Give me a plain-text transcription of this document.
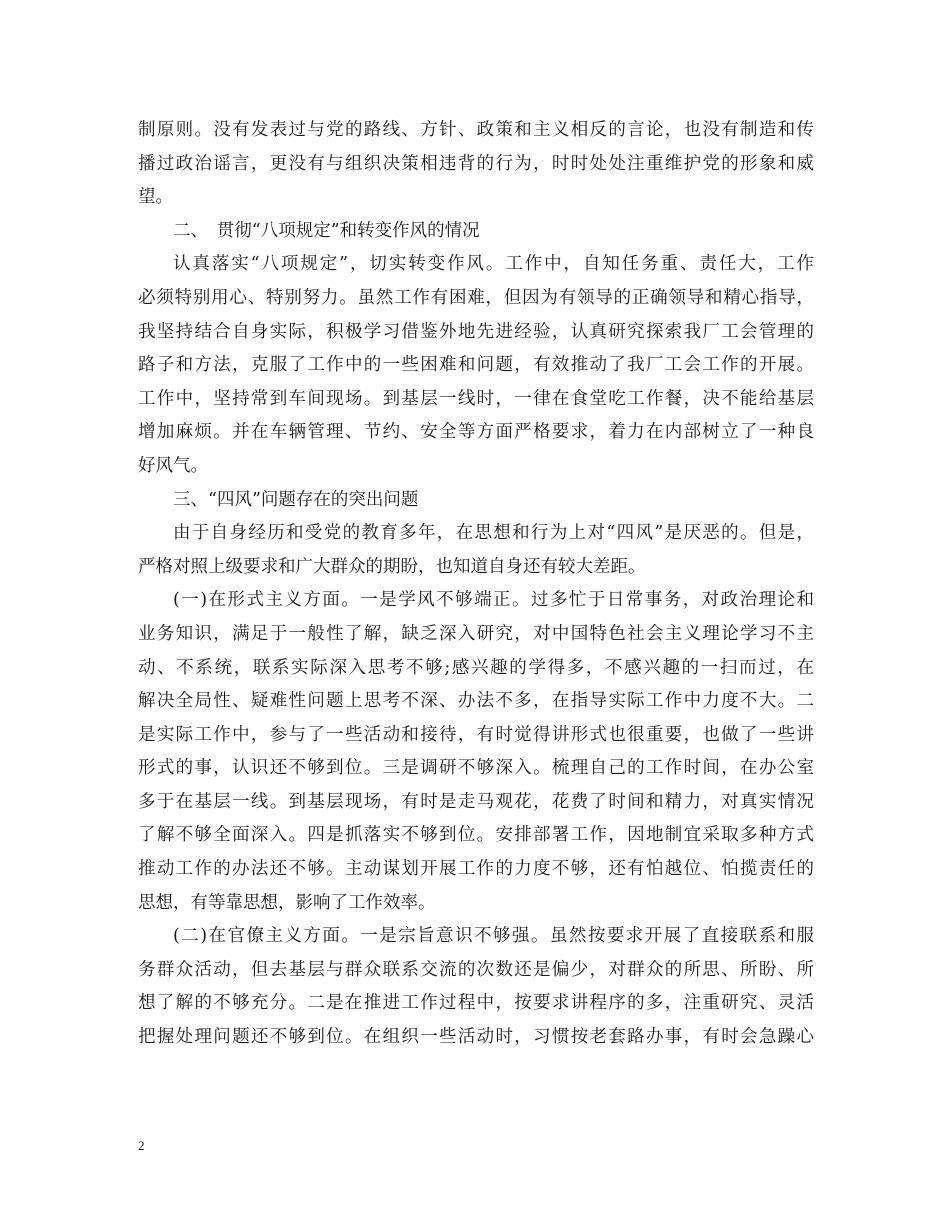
制原则。没有发表过与党的路线、方针、政策和主义相反的言论，也没有制造和传
播过政治谣言，更没有与组织决策相违背的行为，时时处处注重维护党的形象和威
望。
二、　贯彻“八项规定”和转变作风的情况
认真落实“八项规定”，切实转变作风。工作中，自知任务重、责任大，工作
必须特别用心、特别努力。虽然工作有困难，但因为有领导的正确领导和精心指导，
我坚持结合自身实际，积极学习借鉴外地先进经验，认真研究探索我厂工会管理的
路子和方法，克服了工作中的一些困难和问题，有效推动了我厂工会工作的开展。
工作中，坚持常到车间现场。到基层一线时，一律在食堂吃工作餐，决不能给基层
增加麻烦。并在车辆管理、节约、安全等方面严格要求，着力在内部树立了一种良
好风气。
三、“四风”问题存在的突出问题
由于自身经历和受党的教育多年，在思想和行为上对“四风”是厌恶的。但是，
严格对照上级要求和广大群众的期盼，也知道自身还有较大差距。
(一)在形式主义方面。一是学风不够端正。过多忙于日常事务，对政治理论和
业务知识，满足于一般性了解，缺乏深入研究，对中国特色社会主义理论学习不主
动、不系统，联系实际深入思考不够;感兴趣的学得多，不感兴趣的一扫而过，在
解决全局性、疑难性问题上思考不深、办法不多，在指导实际工作中力度不大。二
是实际工作中，参与了一些活动和接待，有时觉得讲形式也很重要，也做了一些讲
形式的事，认识还不够到位。三是调研不够深入。梳理自己的工作时间，在办公室
多于在基层一线。到基层现场，有时是走马观花，花费了时间和精力，对真实情况
了解不够全面深入。四是抓落实不够到位。安排部署工作，因地制宜采取多种方式
推动工作的办法还不够。主动谋划开展工作的力度不够，还有怕越位、怕揽责任的
思想，有等靠思想，影响了工作效率。
(二)在官僚主义方面。一是宗旨意识不够强。虽然按要求开展了直接联系和服
务群众活动，但去基层与群众联系交流的次数还是偏少，对群众的所思、所盼、所
想了解的不够充分。二是在推进工作过程中，按要求讲程序的多，注重研究、灵活
把握处理问题还不够到位。在组织一些活动时，习惯按老套路办事，有时会急躁心
2
